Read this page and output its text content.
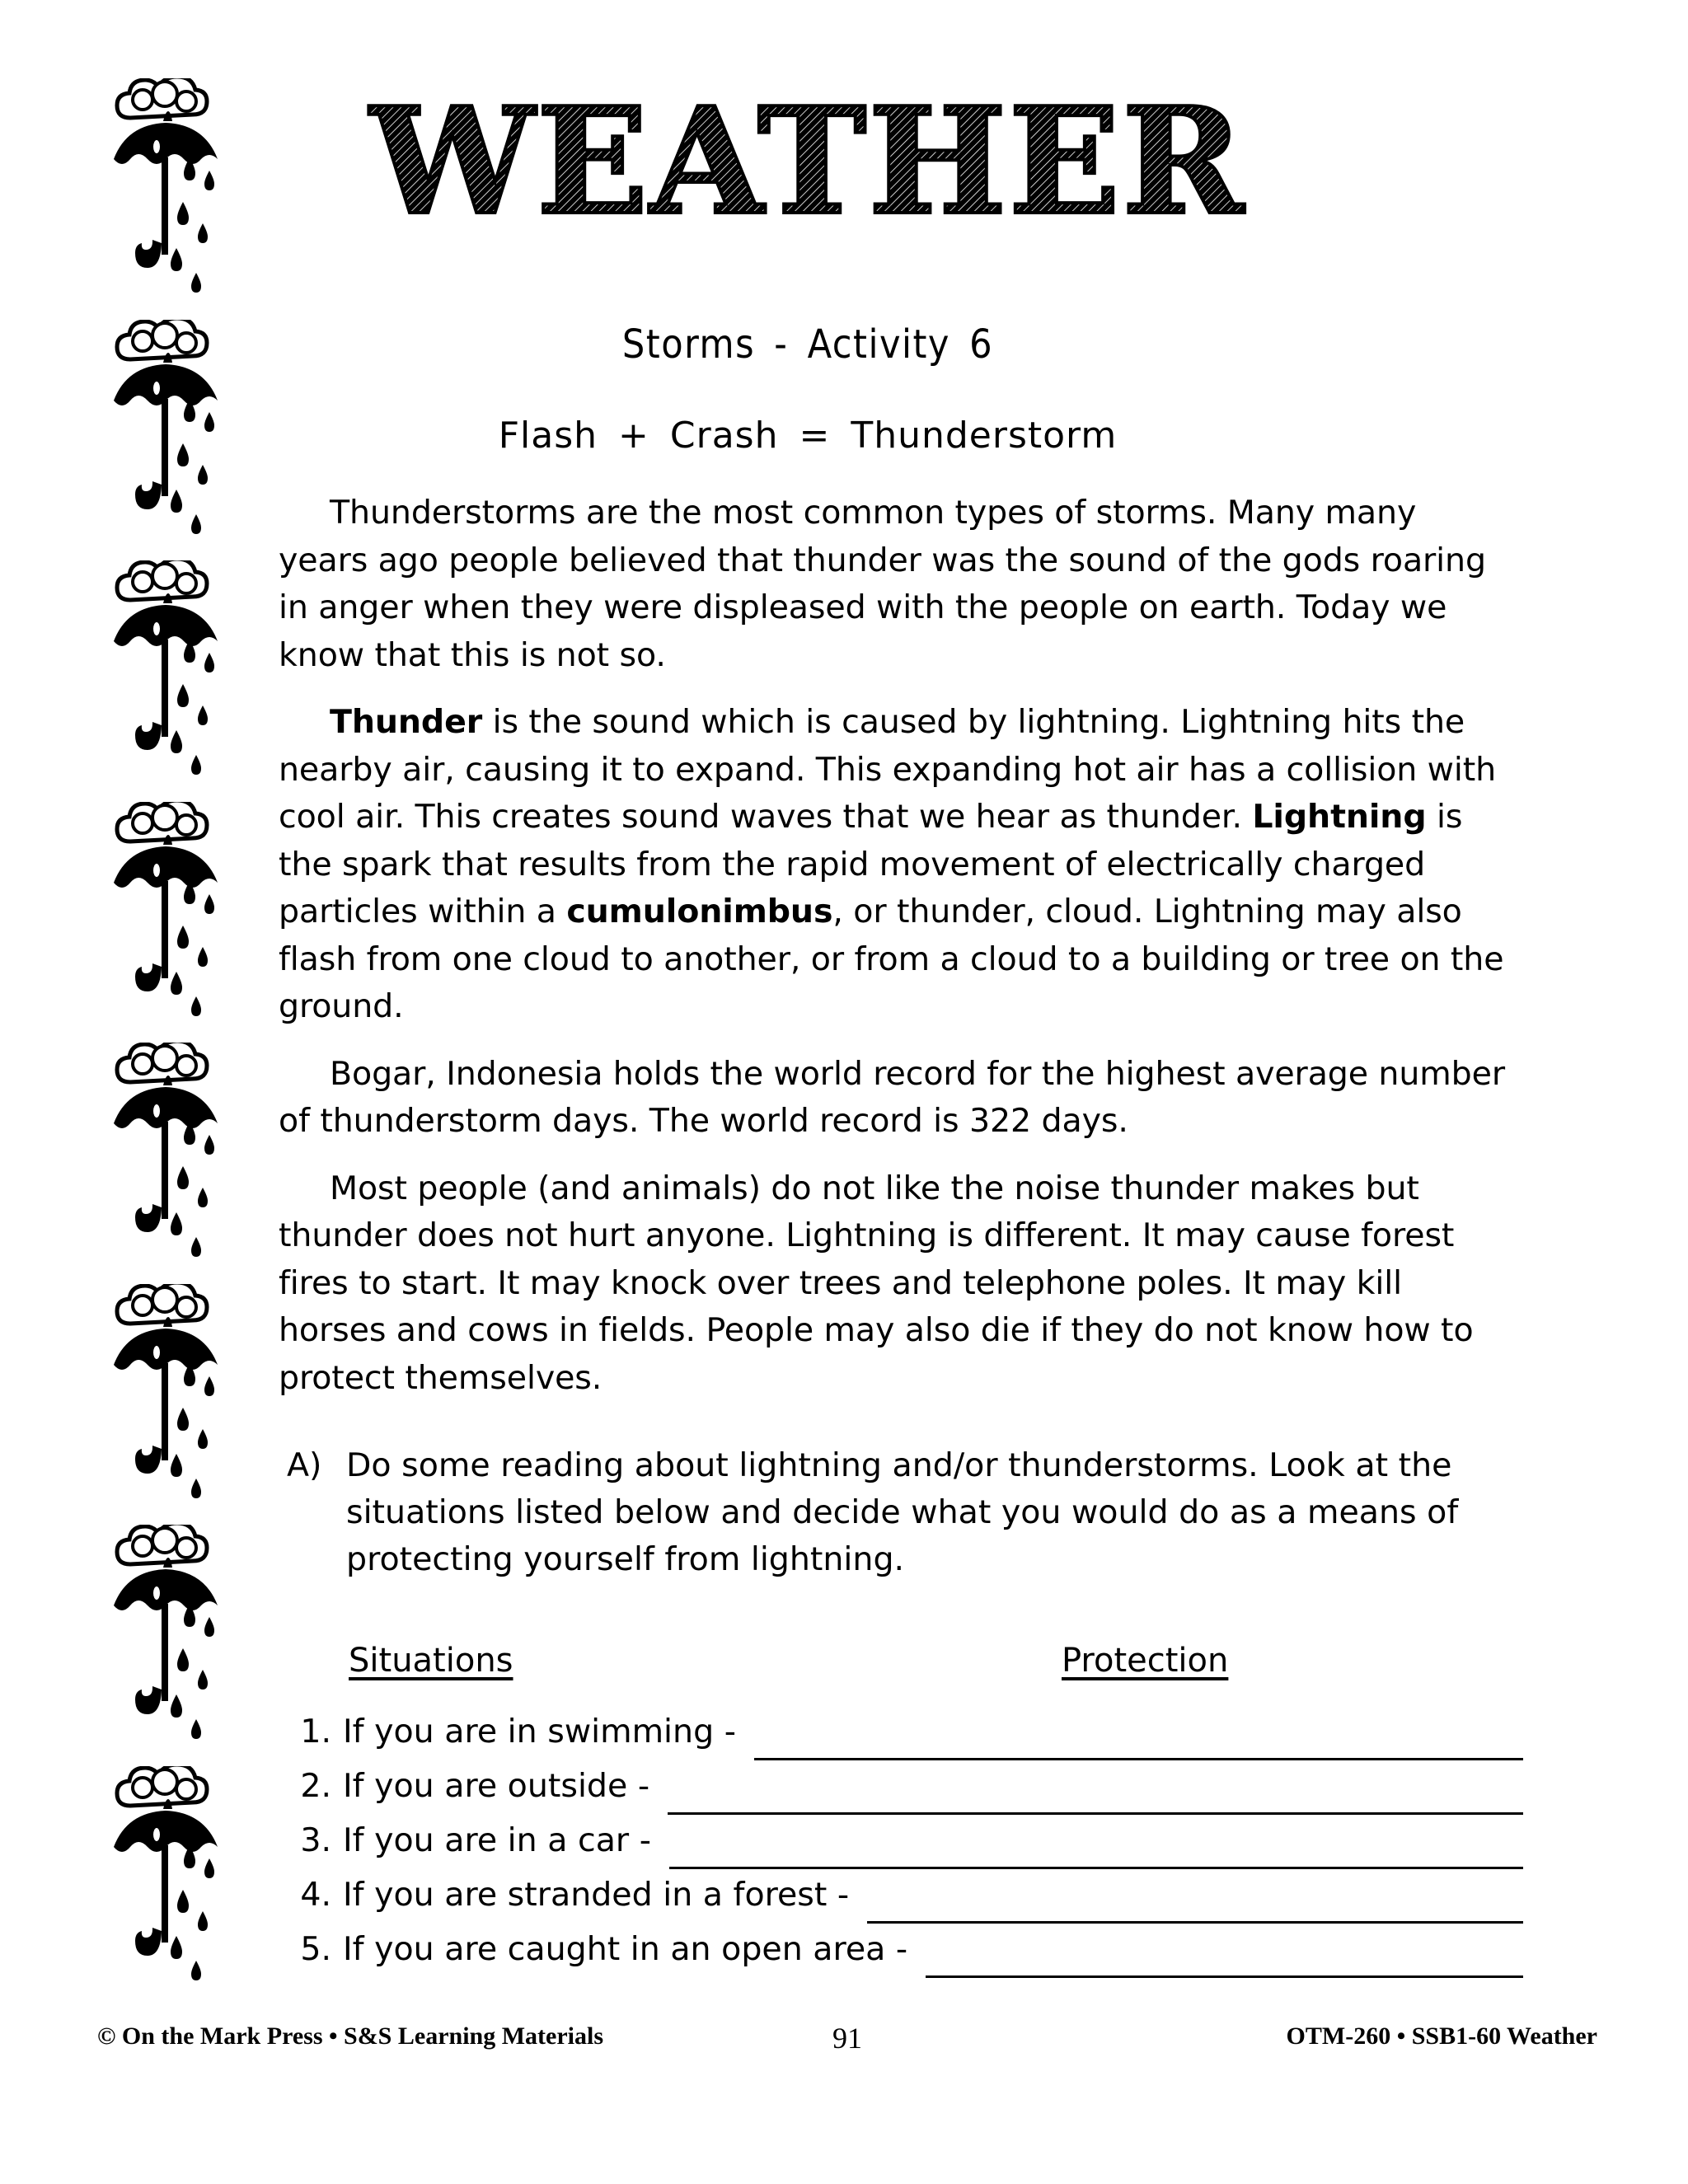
WEATHER
Storms - Activity 6
Flash + Crash = Thunderstorm
Thunderstorms are the most common types of storms. Many many years ago people believed that thunder was the sound of the gods roaring in anger when they were displeased with the people on earth. Today we know that this is not so.
Thunder is the sound which is caused by lightning. Lightning hits the nearby air, causing it to expand. This expanding hot air has a collision with cool air. This creates sound waves that we hear as thunder. Lightning is the spark that results from the rapid movement of electrically charged particles within a cumulonimbus, or thunder, cloud. Lightning may also flash from one cloud to another, or from a cloud to a building or tree on the ground.
Bogar, Indonesia holds the world record for the highest average number of thunderstorm days. The world record is 322 days.
Most people (and animals) do not like the noise thunder makes but thunder does not hurt anyone. Lightning is different. It may cause forest fires to start. It may knock over trees and telephone poles. It may kill horses and cows in fields. People may also die if they do not know how to protect themselves.
A) Do some reading about lightning and/or thunderstorms. Look at the situations listed below and decide what you would do as a means of protecting yourself from lightning.
Situations	Protection
1. If you are in swimming -
2. If you are outside -
3. If you are in a car -
4. If you are stranded in a forest -
5. If you are caught in an open area -
© On the Mark Press • S&S Learning Materials	91	OTM-260 • SSB1-60 Weather
